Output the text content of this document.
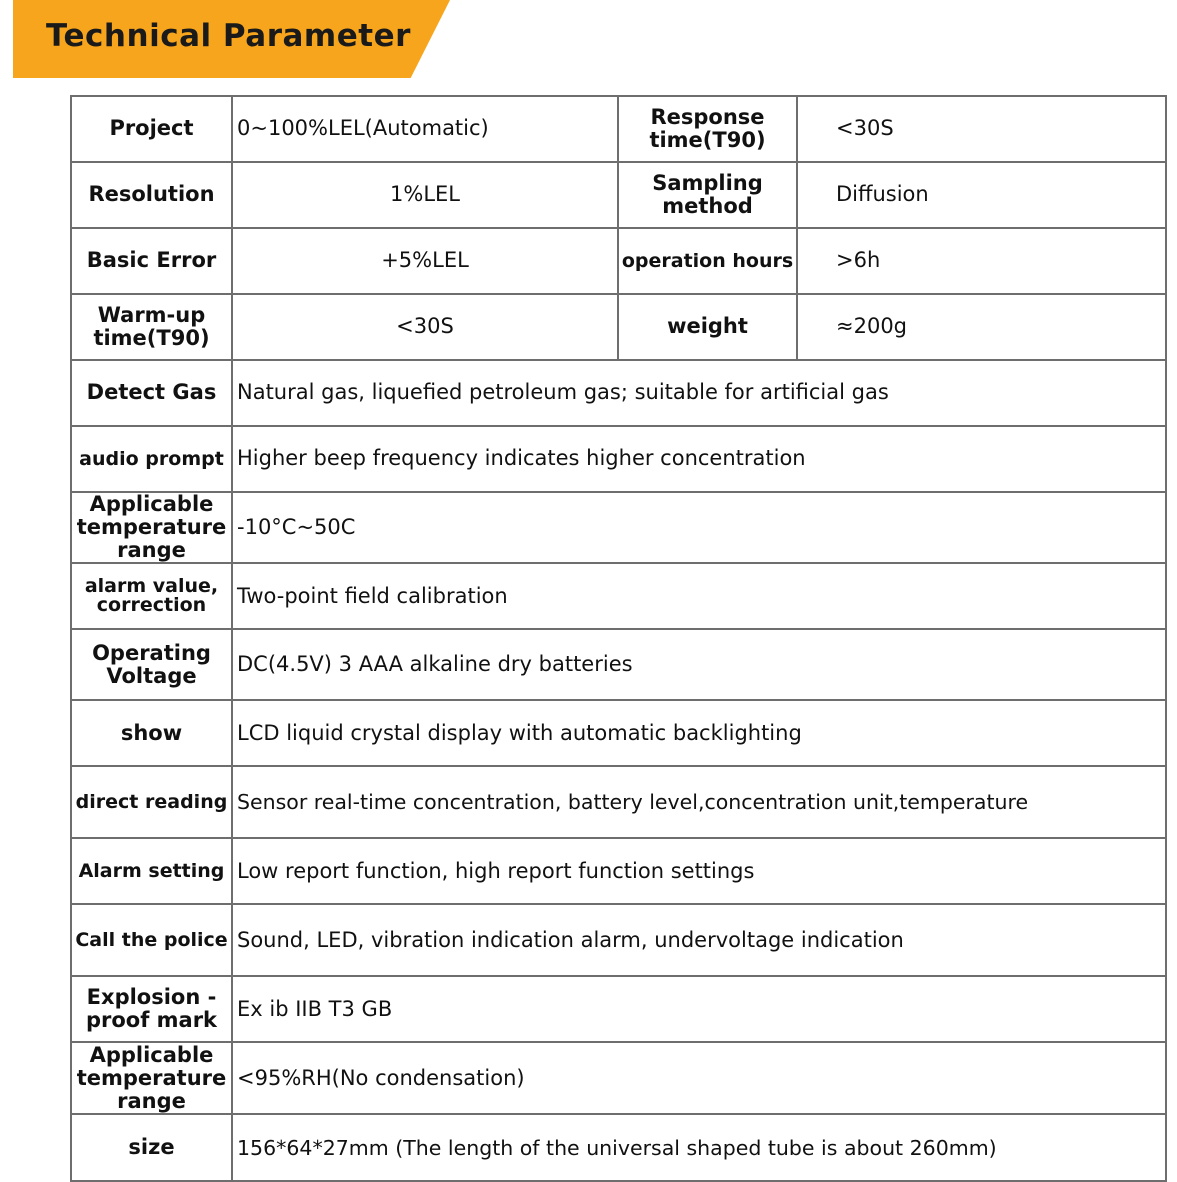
Technical Parameter
Project	0~100%LEL(Automatic)	Response time(T90)	<30S
Resolution	1%LEL	Sampling method	Diffusion
Basic Error	+5%LEL	operation hours	>6h
Warm-up time(T90)	<30S	weight	≈200g
Detect Gas	Natural gas, liquefied petroleum gas; suitable for artificial gas		
audio prompt	Higher beep frequency indicates higher concentration		
Applicable temperature range	-10°C~50C		
alarm value, correction	Two-point field calibration		
Operating Voltage	DC(4.5V) 3 AAA alkaline dry batteries		
show	LCD liquid crystal display with automatic backlighting		
direct reading	Sensor real-time concentration, battery level,concentration unit,temperature		
Alarm setting	Low report function, high report function settings		
Call the police	Sound, LED, vibration indication alarm, undervoltage indication		
Explosion -proof mark	Ex ib IIB T3 GB		
Applicable temperature range	<95%RH(No condensation)		
size	156*64*27mm (The length of the universal shaped tube is about 260mm)		
